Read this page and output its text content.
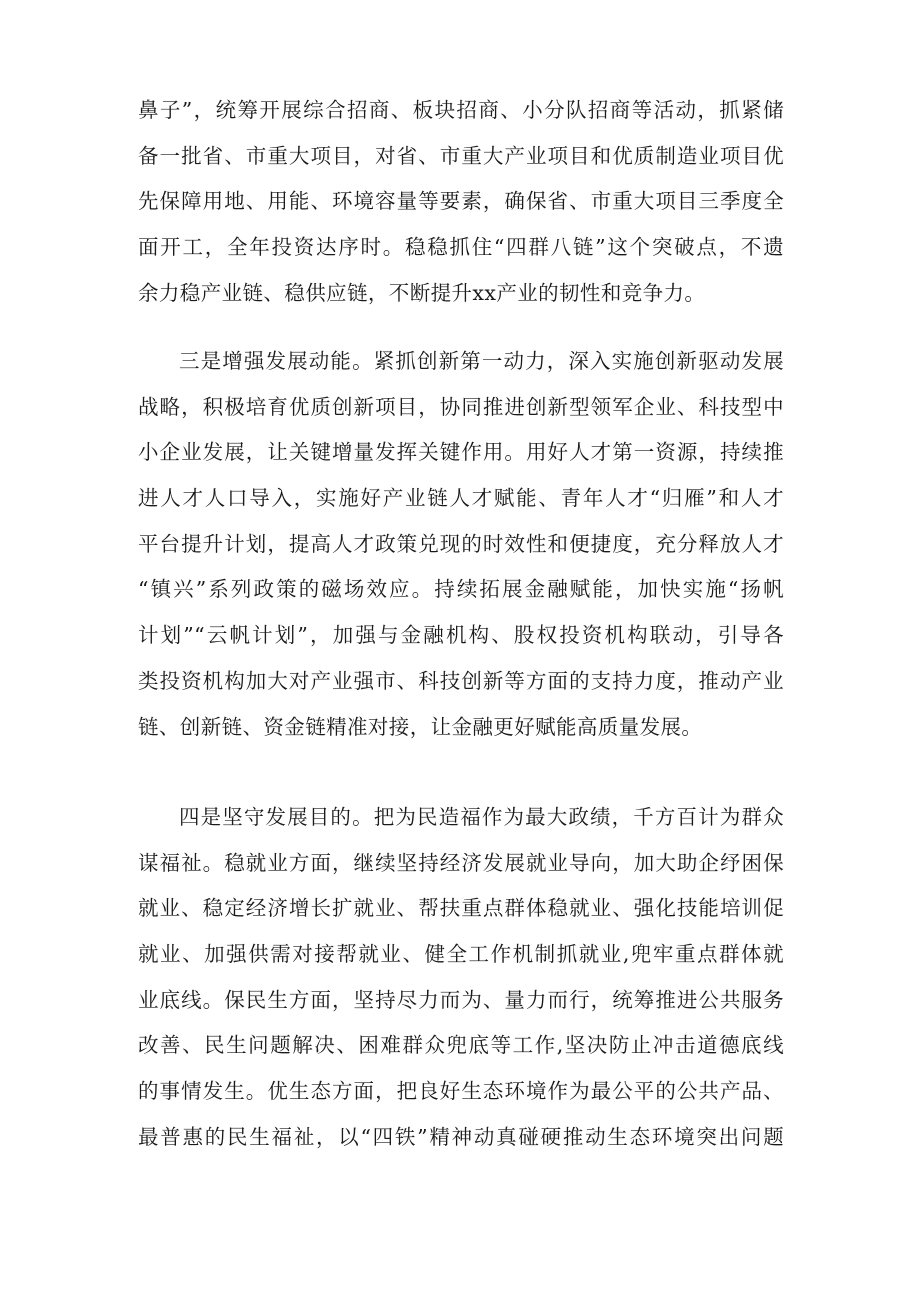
鼻子”，统筹开展综合招商、板块招商、小分队招商等活动，抓紧储
备一批省、市重大项目，对省、市重大产业项目和优质制造业项目优
先保障用地、用能、环境容量等要素，确保省、市重大项目三季度全
面开工，全年投资达序时。稳稳抓住“四群八链”这个突破点，不遗
余力稳产业链、稳供应链，不断提升xx产业的韧性和竞争力。
三是增强发展动能。紧抓创新第一动力，深入实施创新驱动发展
战略，积极培育优质创新项目，协同推进创新型领军企业、科技型中
小企业发展，让关键增量发挥关键作用。用好人才第一资源，持续推
进人才人口导入，实施好产业链人才赋能、青年人才“归雁”和人才
平台提升计划，提高人才政策兑现的时效性和便捷度，充分释放人才
“镇兴”系列政策的磁场效应。持续拓展金融赋能，加快实施“扬帆
计划”“云帆计划”，加强与金融机构、股权投资机构联动，引导各
类投资机构加大对产业强市、科技创新等方面的支持力度，推动产业
链、创新链、资金链精准对接，让金融更好赋能高质量发展。
四是坚守发展目的。把为民造福作为最大政绩，千方百计为群众
谋福祉。稳就业方面，继续坚持经济发展就业导向，加大助企纾困保
就业、稳定经济增长扩就业、帮扶重点群体稳就业、强化技能培训促
就业、加强供需对接帮就业、健全工作机制抓就业,兜牢重点群体就
业底线。保民生方面，坚持尽力而为、量力而行，统筹推进公共服务
改善、民生问题解决、困难群众兜底等工作,坚决防止冲击道德底线
的事情发生。优生态方面，把良好生态环境作为最公平的公共产品、
最普惠的民生福祉，以“四铁”精神动真碰硬推动生态环境突出问题
